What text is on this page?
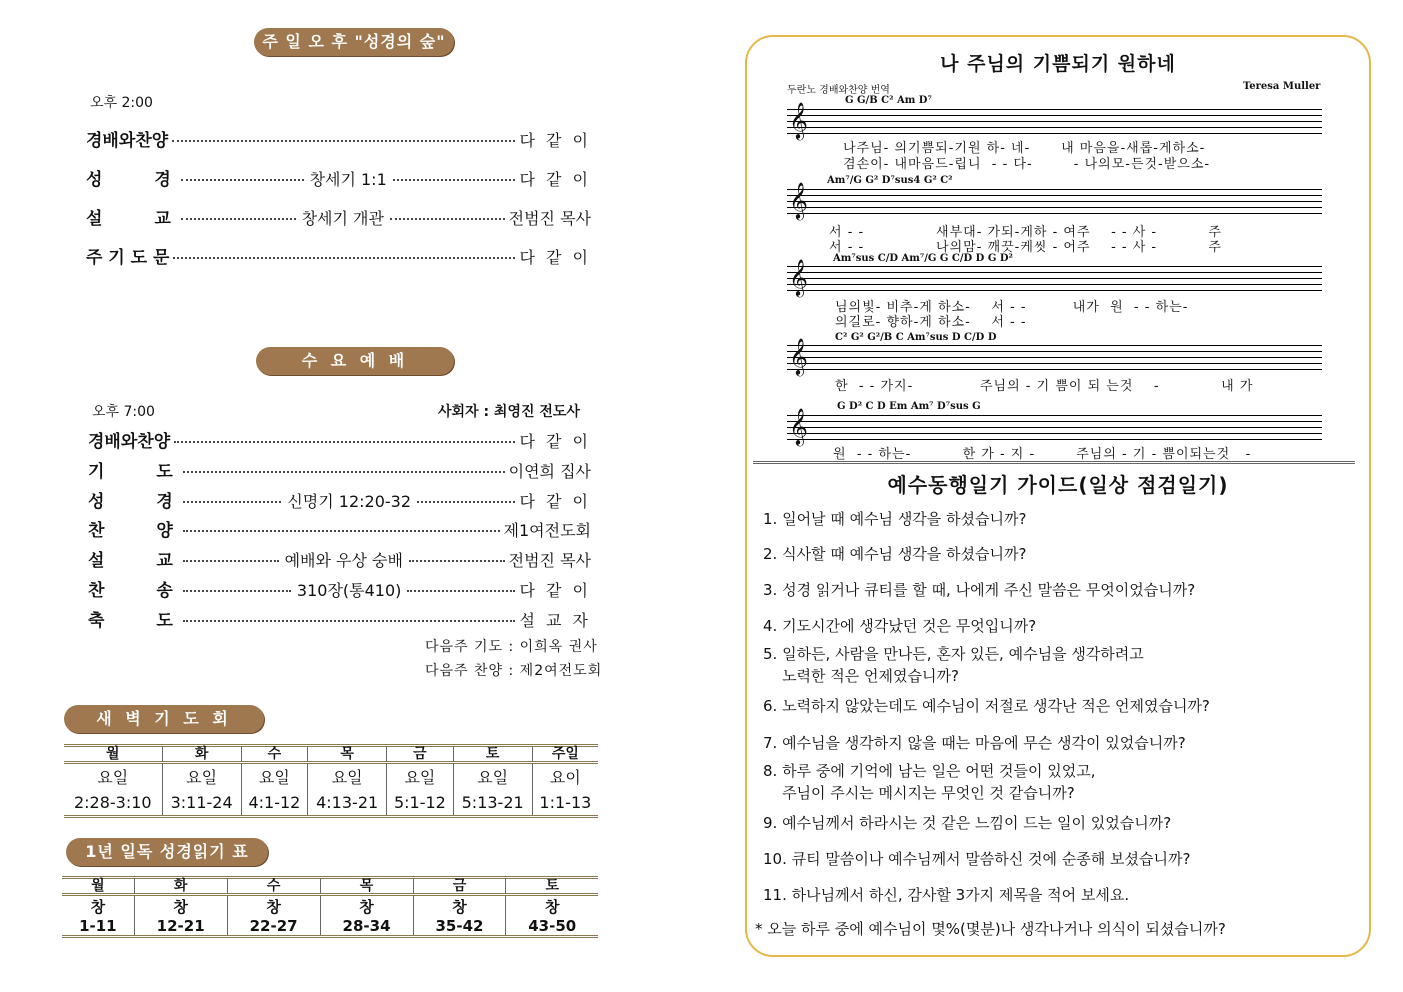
주 일 오 후 "성경의 숲"
오후 2:00
경배와찬양	다 같 이
성　　경	창세기 1:1	다 같 이
설　　교	창세기 개관	전범진 목사
주 기 도 문	다 같 이
수 요 예 배
오후 7:00	사회자 : 최영진 전도사
경배와찬양	다 같 이
기　　도	이연희 집사
성　　경	신명기 12:20-32	다 같 이
찬　　양	제1여전도회
설　　교	예배와 우상 숭배	전범진 목사
찬　　송	310장(통410)	다 같 이
축　　도	설 교 자
다음주 기도 : 이희옥 권사
다음주 찬양 : 제2여전도회
새 벽 기 도 회
월	화	수	목	금	토	주일
요일	요일	요일	요일	요일	요일	요이
2:28-3:10	3:11-24	4:1-12	4:13-21	5:1-12	5:13-21	1:1-13
1년 일독 성경읽기 표
월	화	수	목	금	토
창	창	창	창	창	창
1-11	12-21	22-27	28-34	35-42	43-50
나 주님의 기쁨되기 원하네
두란노 경배와찬양 번역	Teresa Muller
G G/B C² Am D⁷
𝄞
나주님- 의기쁨되-기원 하- 네-      내 마음을-새롭-게하소-
겸손이- 내마음드-립니  - - 다-        - 나의모-든것-받으소-
Am⁷/G G² D⁷sus4 G² C²
𝄞
서 - -              새부대- 가되-게하 - 여주    - - 사 -          주
서 - -              나의맘- 깨끗-케씻 - 어주    - - 사 -          주
Am⁷sus C/D Am⁷/G G C/D D G D²
𝄞
님의빛- 비추-게 하소-    서 - -         내가  원  - - 하는-
의길로- 향하-게 하소-    서 - -
C² G² G²/B C Am⁷sus D C/D D
𝄞
한  - - 가지-             주님의 - 기 쁨이 되 는것    -            내 가
G D² C D Em Am⁷ D⁷sus G
𝄞
원  - - 하는-          한 가 - 지 -        주님의 - 기 - 쁨이되는것   -
예수동행일기 가이드(일상 점검일기)
1. 일어날 때 예수님 생각을 하셨습니까?
2. 식사할 때 예수님 생각을 하셨습니까?
3. 성경 읽거나 큐티를 할 때, 나에게 주신 말씀은 무엇이었습니까?
4. 기도시간에 생각났던 것은 무엇입니까?
5. 일하든, 사람을 만나든, 혼자 있든, 예수님을 생각하려고
노력한 적은 언제였습니까?
6. 노력하지 않았는데도 예수님이 저절로 생각난 적은 언제였습니까?
7. 예수님을 생각하지 않을 때는 마음에 무슨 생각이 있었습니까?
8. 하루 중에 기억에 남는 일은 어떤 것들이 있었고,
주님이 주시는 메시지는 무엇인 것 같습니까?
9. 예수님께서 하라시는 것 같은 느낌이 드는 일이 있었습니까?
10. 큐티 말씀이나 예수님께서 말씀하신 것에 순종해 보셨습니까?
11. 하나님께서 하신, 감사할 3가지 제목을 적어 보세요.
* 오늘 하루 중에 예수님이 몇%(몇분)나 생각나거나 의식이 되셨습니까?
